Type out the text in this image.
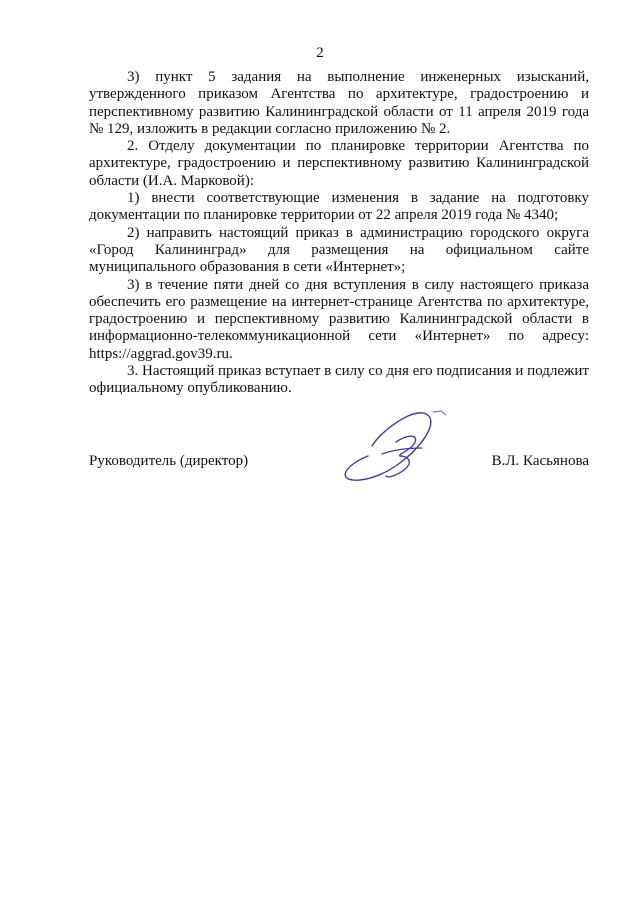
2

3) пункт 5 задания на выполнение инженерных изысканий, утвержденного приказом Агентства по архитектуре, градостроению и перспективному развитию Калининградской области от 11 апреля 2019 года № 129, изложить в редакции согласно приложению № 2.

2. Отделу документации по планировке территории Агентства по архитектуре, градостроению и перспективному развитию Калининградской области (И.А. Марковой):

1) внести соответствующие изменения в задание на подготовку документации по планировке территории от 22 апреля 2019 года № 4340;

2) направить настоящий приказ в администрацию городского округа «Город Калининград» для размещения на официальном сайте муниципального образования в сети «Интернет»;

3) в течение пяти дней со дня вступления в силу настоящего приказа обеспечить его размещение на интернет-странице Агентства по архитектуре, градостроению и перспективному развитию Калининградской области в информационно-телекоммуникационной сети «Интернет» по адресу: https://aggrad.gov39.ru.

3. Настоящий приказ вступает в силу со дня его подписания и подлежит официальному опубликованию.

Руководитель (директор)	В.Л. Касьянова
